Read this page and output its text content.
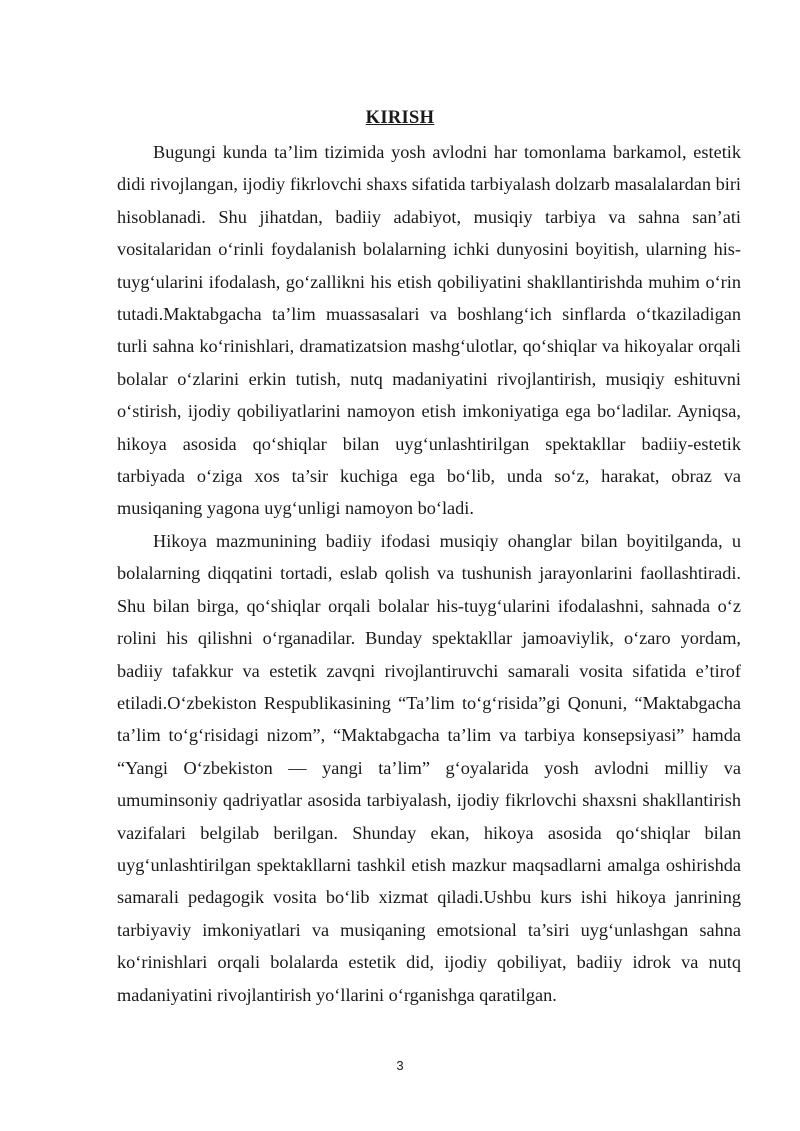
KIRISH

Bugungi kunda ta’lim tizimida yosh avlodni har tomonlama barkamol, estetik didi rivojlangan, ijodiy fikrlovchi shaxs sifatida tarbiyalash dolzarb masalalardan biri hisoblanadi. Shu jihatdan, badiiy adabiyot, musiqiy tarbiya va sahna san’ati vositalaridan o‘rinli foydalanish bolalarning ichki dunyosini boyitish, ularning his-tuyg‘ularini ifodalash, go‘zallikni his etish qobiliyatini shakllantirishda muhim o‘rin tutadi.Maktabgacha ta’lim muassasalari va boshlang‘ich sinflarda o‘tkaziladigan turli sahna ko‘rinishlari, dramatizatsion mashg‘ulotlar, qo‘shiqlar va hikoyalar orqali bolalar o‘zlarini erkin tutish, nutq madaniyatini rivojlantirish, musiqiy eshituvni o‘stirish, ijodiy qobiliyatlarini namoyon etish imkoniyatiga ega bo‘ladilar. Ayniqsa, hikoya asosida qo‘shiqlar bilan uyg‘unlashtirilgan spektakllar badiiy-estetik tarbiyada o‘ziga xos ta’sir kuchiga ega bo‘lib, unda so‘z, harakat, obraz va musiqaning yagona uyg‘unligi namoyon bo‘ladi.

Hikoya mazmunining badiiy ifodasi musiqiy ohanglar bilan boyitilganda, u bolalarning diqqatini tortadi, eslab qolish va tushunish jarayonlarini faollashtiradi. Shu bilan birga, qo‘shiqlar orqali bolalar his-tuyg‘ularini ifodalashni, sahnada o‘z rolini his qilishni o‘rganadilar. Bunday spektakllar jamoaviylik, o‘zaro yordam, badiiy tafakkur va estetik zavqni rivojlantiruvchi samarali vosita sifatida e’tirof etiladi.O‘zbekiston Respublikasining “Ta’lim to‘g‘risida”gi Qonuni, “Maktabgacha ta’lim to‘g‘risidagi nizom”, “Maktabgacha ta’lim va tarbiya konsepsiyasi” hamda “Yangi O‘zbekiston — yangi ta’lim” g‘oyalarida yosh avlodni milliy va umuminsoniy qadriyatlar asosida tarbiyalash, ijodiy fikrlovchi shaxsni shakllantirish vazifalari belgilab berilgan. Shunday ekan, hikoya asosida qo‘shiqlar bilan uyg‘unlashtirilgan spektakllarni tashkil etish mazkur maqsadlarni amalga oshirishda samarali pedagogik vosita bo‘lib xizmat qiladi.Ushbu kurs ishi hikoya janrining tarbiyaviy imkoniyatlari va musiqaning emotsional ta’siri uyg‘unlashgan sahna ko‘rinishlari orqali bolalarda estetik did, ijodiy qobiliyat, badiiy idrok va nutq madaniyatini rivojlantirish yo‘llarini o‘rganishga qaratilgan.

3
